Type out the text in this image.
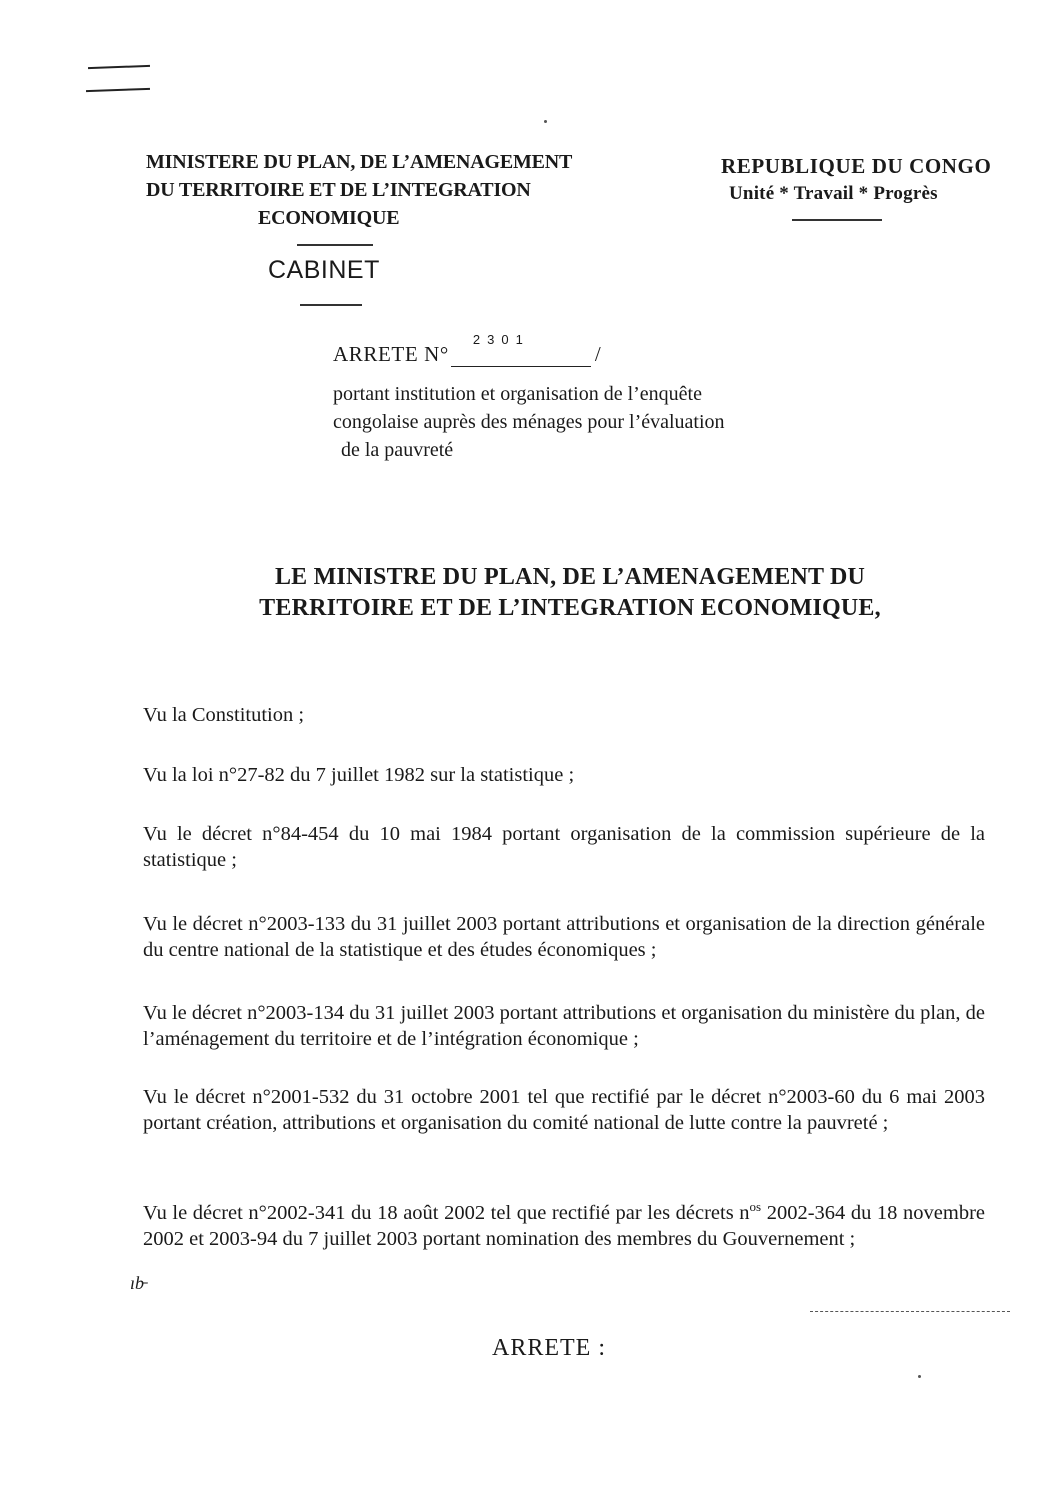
MINISTERE DU PLAN, DE L’AMENAGEMENT
DU TERRITOIRE ET DE L’INTEGRATION
ECONOMIQUE
CABINET
REPUBLIQUE DU CONGO
Unité * Travail * Progrès
ARRETE N°
2301
/
portant institution et organisation de l’enquête
congolaise auprès des ménages pour l’évaluation
de la pauvreté
LE MINISTRE DU PLAN, DE L’AMENAGEMENT DU
TERRITOIRE ET DE L’INTEGRATION ECONOMIQUE,
Vu la Constitution ;
Vu la loi n°27-82 du 7 juillet 1982 sur la statistique ;
Vu le décret n°84-454 du 10 mai 1984 portant organisation de la commission supérieure de la statistique ;
Vu le décret n°2003-133 du 31 juillet 2003 portant attributions et organisation de la direction générale du centre national de la statistique et des études économiques ;
Vu le décret n°2003-134 du 31 juillet 2003 portant attributions et organisation du ministère du plan, de l’aménagement du territoire et de l’intégration économique ;
Vu le décret n°2001-532 du 31 octobre 2001 tel que rectifié par le décret n°2003-60 du 6 mai 2003 portant création, attributions et organisation du comité national de lutte contre la pauvreté ;
Vu le décret n°2002-341 du 18 août 2002 tel que rectifié par les décrets $n^{os}$ 2002-364 du 18 novembre 2002 et 2003-94 du 7 juillet 2003 portant nomination des membres du Gouvernement ;
ıb̵
ARRETE :
